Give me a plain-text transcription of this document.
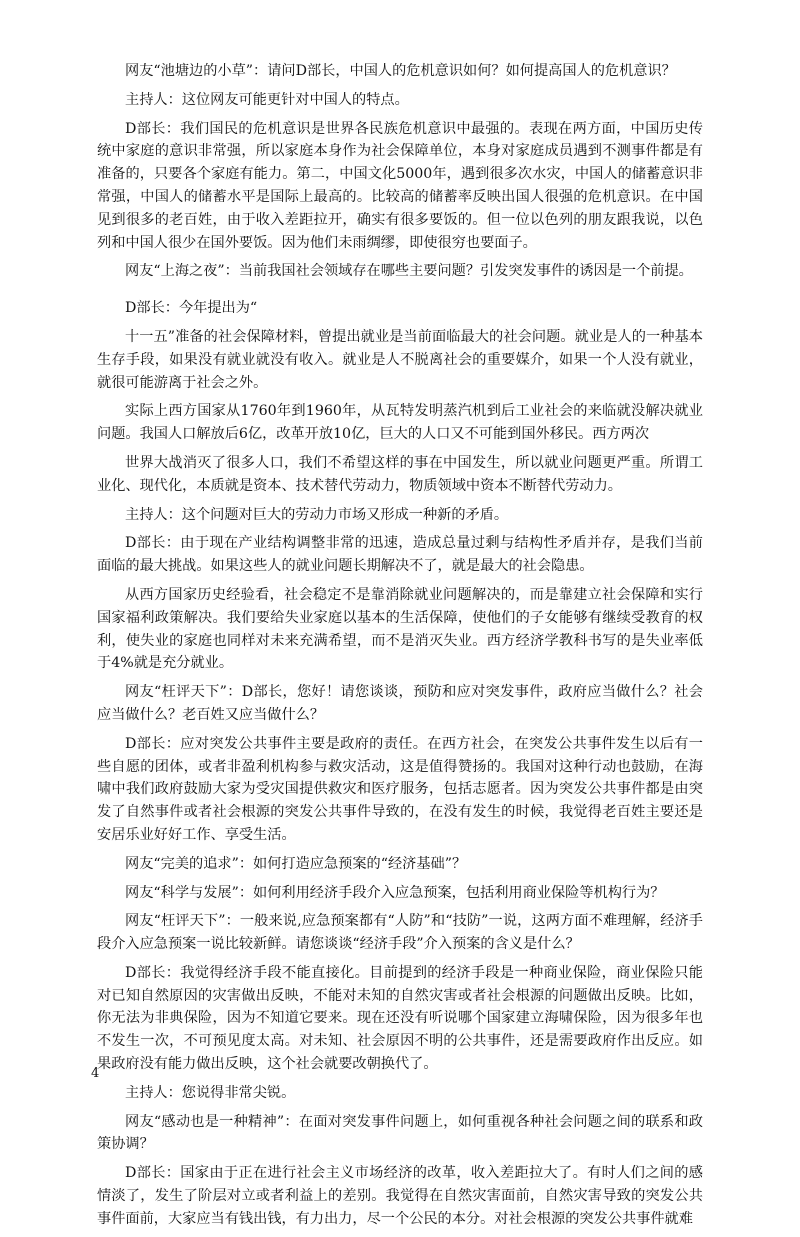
网友“池塘边的小草”：请问D部长，中国人的危机意识如何？如何提高国人的危机意识？

主持人：这位网友可能更针对中国人的特点。

D部长：我们国民的危机意识是世界各民族危机意识中最强的。表现在两方面，中国历史传统中家庭的意识非常强，所以家庭本身作为社会保障单位，本身对家庭成员遇到不测事件都是有准备的，只要各个家庭有能力。第二，中国文化5000年，遇到很多次水灾，中国人的储蓄意识非常强，中国人的储蓄水平是国际上最高的。比较高的储蓄率反映出国人很强的危机意识。在中国见到很多的老百姓，由于收入差距拉开，确实有很多要饭的。但一位以色列的朋友跟我说，以色列和中国人很少在国外要饭。因为他们未雨绸缪，即使很穷也要面子。

网友“上海之夜”：当前我国社会领域存在哪些主要问题？引发突发事件的诱因是一个前提。

D部长：今年提出为“

十一五”准备的社会保障材料，曾提出就业是当前面临最大的社会问题。就业是人的一种基本生存手段，如果没有就业就没有收入。就业是人不脱离社会的重要媒介，如果一个人没有就业，就很可能游离于社会之外。

实际上西方国家从1760年到1960年，从瓦特发明蒸汽机到后工业社会的来临就没解决就业问题。我国人口解放后6亿，改革开放10亿，巨大的人口又不可能到国外移民。西方两次

世界大战消灭了很多人口，我们不希望这样的事在中国发生，所以就业问题更严重。所谓工业化、现代化，本质就是资本、技术替代劳动力，物质领域中资本不断替代劳动力。

主持人：这个问题对巨大的劳动力市场又形成一种新的矛盾。

D部长：由于现在产业结构调整非常的迅速，造成总量过剩与结构性矛盾并存，是我们当前面临的最大挑战。如果这些人的就业问题长期解决不了，就是最大的社会隐患。

从西方国家历史经验看，社会稳定不是靠消除就业问题解决的，而是靠建立社会保障和实行国家福利政策解决。我们要给失业家庭以基本的生活保障，使他们的子女能够有继续受教育的权利，使失业的家庭也同样对未来充满希望，而不是消灭失业。西方经济学教科书写的是失业率低于4%就是充分就业。

网友“枉评天下”：D部长，您好！请您谈谈，预防和应对突发事件，政府应当做什么？社会应当做什么？老百姓又应当做什么？

D部长：应对突发公共事件主要是政府的责任。在西方社会，在突发公共事件发生以后有一些自愿的团体，或者非盈利机构参与救灾活动，这是值得赞扬的。我国对这种行动也鼓励，在海啸中我们政府鼓励大家为受灾国提供救灾和医疗服务，包括志愿者。因为突发公共事件都是由突发了自然事件或者社会根源的突发公共事件导致的，在没有发生的时候，我觉得老百姓主要还是安居乐业好好工作、享受生活。

网友“完美的追求”：如何打造应急预案的“经济基础”？

网友“科学与发展”：如何利用经济手段介入应急预案，包括利用商业保险等机构行为？

网友“枉评天下”：一般来说,应急预案都有“人防”和“技防”一说，这两方面不难理解，经济手段介入应急预案一说比较新鲜。请您谈谈“经济手段”介入预案的含义是什么？

D部长：我觉得经济手段不能直接化。目前提到的经济手段是一种商业保险，商业保险只能对已知自然原因的灾害做出反映，不能对未知的自然灾害或者社会根源的问题做出反映。比如，你无法为非典保险，因为不知道它要来。现在还没有听说哪个国家建立海啸保险，因为很多年也不发生一次，不可预见度太高。对未知、社会原因不明的公共事件，还是需要政府作出反应。如果政府没有能力做出反映，这个社会就要改朝换代了。

主持人：您说得非常尖锐。

网友“感动也是一种精神”：在面对突发事件问题上，如何重视各种社会问题之间的联系和政策协调？

D部长：国家由于正在进行社会主义市场经济的改革，收入差距拉大了。有时人们之间的感情淡了，发生了阶层对立或者利益上的差别。我觉得在自然灾害面前，自然灾害导致的突发公共事件面前，大家应当有钱出钱，有力出力，尽一个公民的本分。对社会根源的突发公共事件就难

4
